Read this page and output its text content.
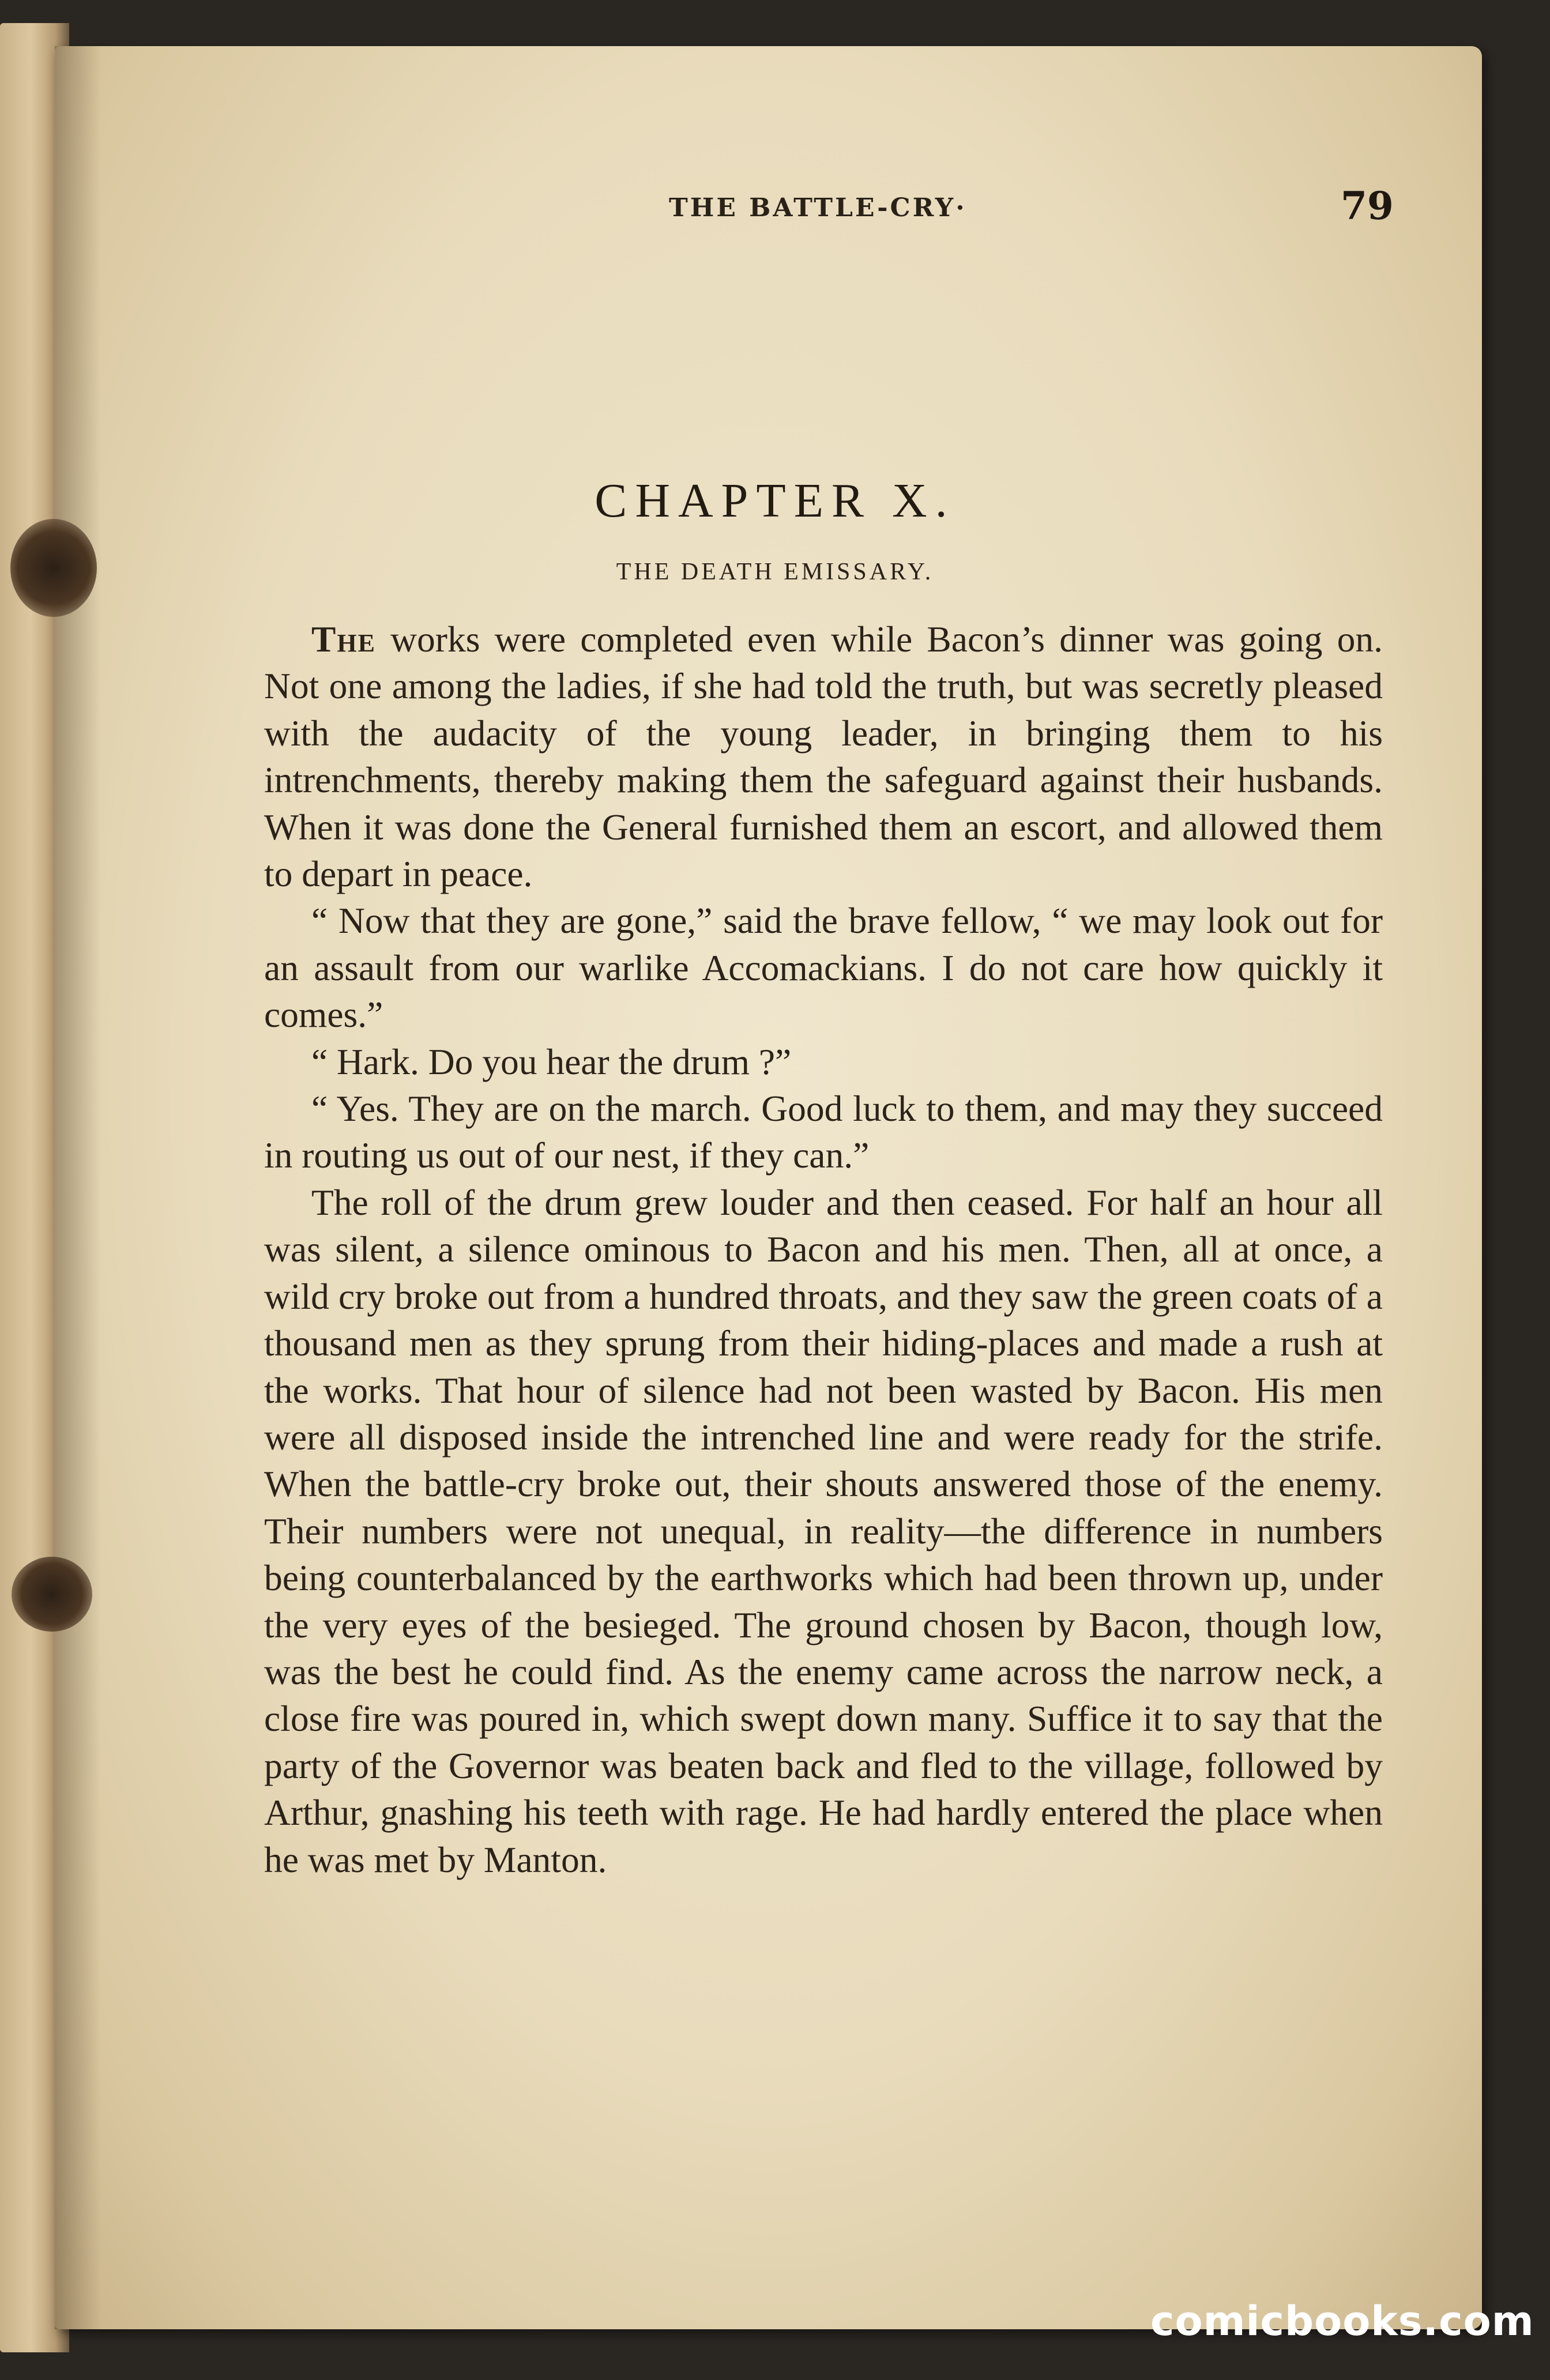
THE BATTLE-CRY·	79
CHAPTER X.
THE DEATH EMISSARY.

The works were completed even while Bacon’s dinner was going on. Not one among the ladies, if she had told the truth, but was secretly pleased with the audacity of the young leader, in bringing them to his intrenchments, thereby making them the safeguard against their husbands. When it was done the General furnished them an escort, and allowed them to depart in peace.

“ Now that they are gone,” said the brave fellow, “ we may look out for an assault from our warlike Accomackians. I do not care how quickly it comes.”

“ Hark. Do you hear the drum ?”

“ Yes. They are on the march. Good luck to them, and may they succeed in routing us out of our nest, if they can.”

The roll of the drum grew louder and then ceased. For half an hour all was silent, a silence ominous to Bacon and his men. Then, all at once, a wild cry broke out from a hundred throats, and they saw the green coats of a thousand men as they sprung from their hiding-places and made a rush at the works. That hour of silence had not been wasted by Bacon. His men were all disposed inside the intrenched line and were ready for the strife. When the battle-cry broke out, their shouts answered those of the enemy. Their numbers were not unequal, in reality—the difference in numbers being counterbalanced by the earthworks which had been thrown up, under the very eyes of the besieged. The ground chosen by Bacon, though low, was the best he could find. As the enemy came across the narrow neck, a close fire was poured in, which swept down many. Suffice it to say that the party of the Governor was beaten back and fled to the village, followed by Arthur, gnashing his teeth with rage. He had hardly entered the place when he was met by Manton.

comicbooks.com
